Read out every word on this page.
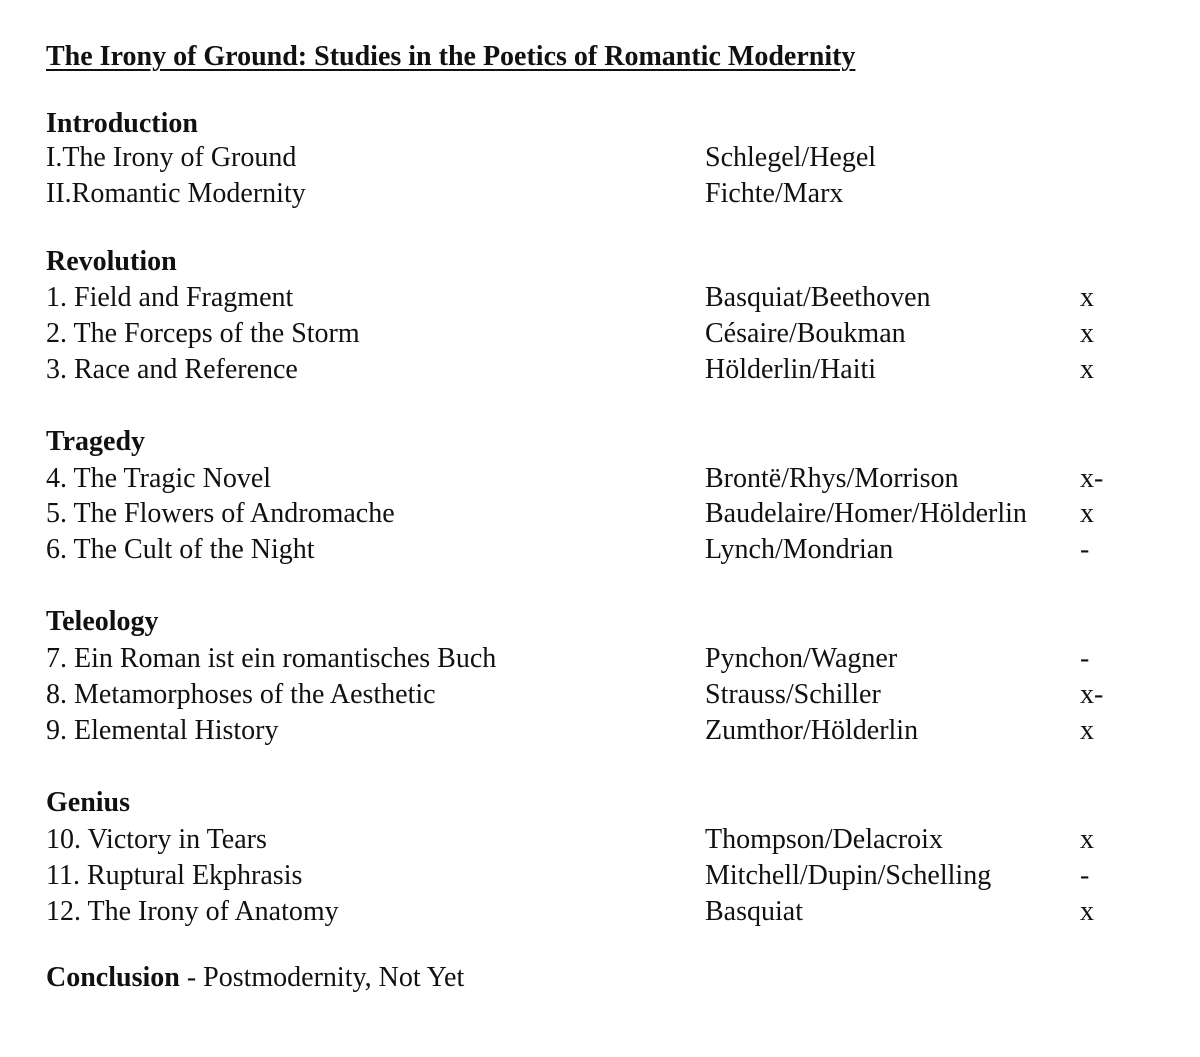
The Irony of Ground: Studies in the Poetics of Romantic Modernity
Introduction
I.The Irony of Ground	Schlegel/Hegel
II.Romantic Modernity	Fichte/Marx
Revolution
1. Field and Fragment	Basquiat/Beethoven	x
2. The Forceps of the Storm	Césaire/Boukman	x
3. Race and Reference	Hölderlin/Haiti	x
Tragedy
4. The Tragic Novel	Brontë/Rhys/Morrison	x-
5. The Flowers of Andromache	Baudelaire/Homer/Hölderlin x
6. The Cult of the Night	Lynch/Mondrian	-
Teleology
7. Ein Roman ist ein romantisches Buch	Pynchon/Wagner	-
8. Metamorphoses of the Aesthetic	Strauss/Schiller	x-
9. Elemental History	Zumthor/Hölderlin	x
Genius
10. Victory in Tears	Thompson/Delacroix	x
11. Ruptural Ekphrasis	Mitchell/Dupin/Schelling	-
12. The Irony of Anatomy	Basquiat	x
Conclusion - Postmodernity, Not Yet
